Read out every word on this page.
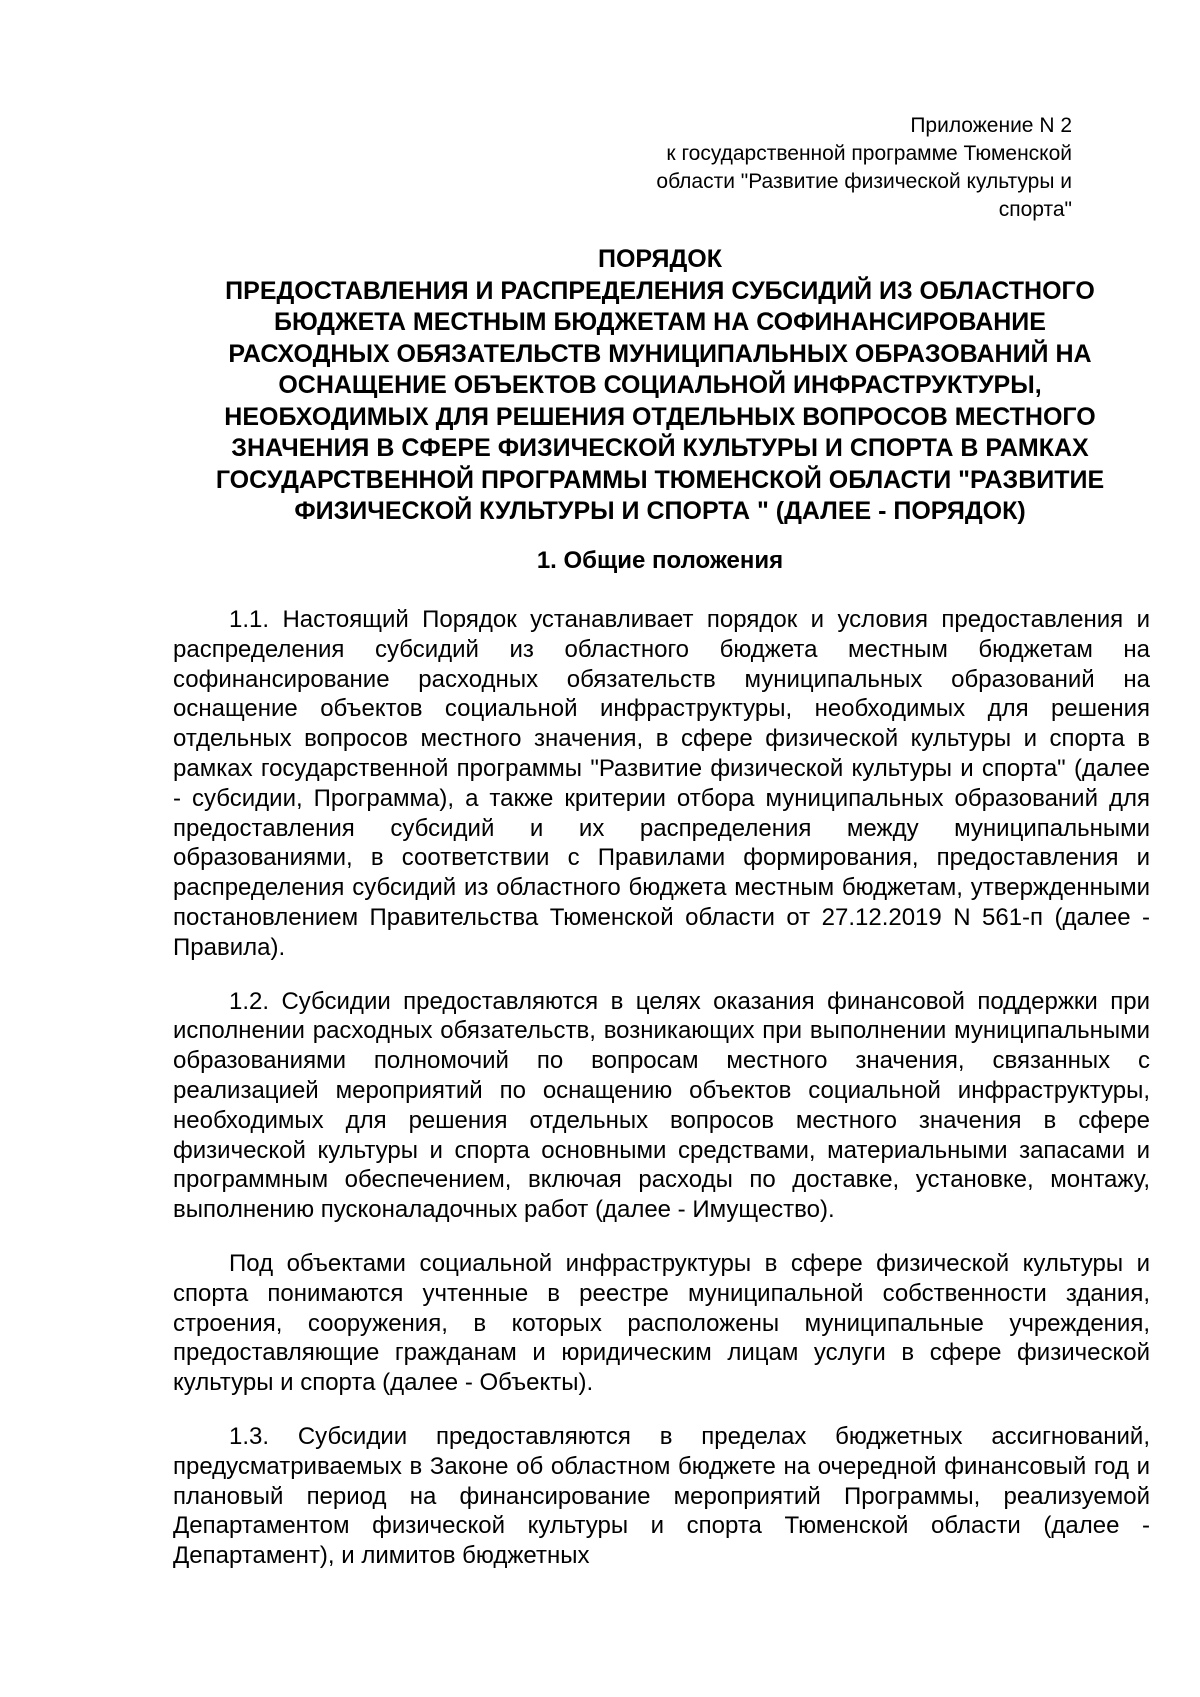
Приложение N 2
к государственной программе Тюменской
области "Развитие физической культуры и
спорта"
ПОРЯДОК
ПРЕДОСТАВЛЕНИЯ И РАСПРЕДЕЛЕНИЯ СУБСИДИЙ ИЗ ОБЛАСТНОГО
БЮДЖЕТА МЕСТНЫМ БЮДЖЕТАМ НА СОФИНАНСИРОВАНИЕ
РАСХОДНЫХ ОБЯЗАТЕЛЬСТВ МУНИЦИПАЛЬНЫХ ОБРАЗОВАНИЙ НА
ОСНАЩЕНИЕ ОБЪЕКТОВ СОЦИАЛЬНОЙ ИНФРАСТРУКТУРЫ,
НЕОБХОДИМЫХ ДЛЯ РЕШЕНИЯ ОТДЕЛЬНЫХ ВОПРОСОВ МЕСТНОГО
ЗНАЧЕНИЯ В СФЕРЕ ФИЗИЧЕСКОЙ КУЛЬТУРЫ И СПОРТА В РАМКАХ
ГОСУДАРСТВЕННОЙ ПРОГРАММЫ ТЮМЕНСКОЙ ОБЛАСТИ "РАЗВИТИЕ
ФИЗИЧЕСКОЙ КУЛЬТУРЫ И СПОРТА " (ДАЛЕЕ - ПОРЯДОК)
1. Общие положения

1.1. Настоящий Порядок устанавливает порядок и условия предоставления и распределения субсидий из областного бюджета местным бюджетам на софинансирование расходных обязательств муниципальных образований на оснащение объектов социальной инфраструктуры, необходимых для решения отдельных вопросов местного значения, в сфере физической культуры и спорта в рамках государственной программы "Развитие физической культуры и спорта" (далее - субсидии, Программа), а также критерии отбора муниципальных образований для предоставления субсидий и их распределения между муниципальными образованиями, в соответствии с Правилами формирования, предоставления и распределения субсидий из областного бюджета местным бюджетам, утвержденными постановлением Правительства Тюменской области от 27.12.2019 N 561-п (далее - Правила).

1.2. Субсидии предоставляются в целях оказания финансовой поддержки при исполнении расходных обязательств, возникающих при выполнении муниципальными образованиями полномочий по вопросам местного значения, связанных с реализацией мероприятий по оснащению объектов социальной инфраструктуры, необходимых для решения отдельных вопросов местного значения в сфере физической культуры и спорта основными средствами, материальными запасами и программным обеспечением, включая расходы по доставке, установке, монтажу, выполнению пусконаладочных работ (далее - Имущество).

Под объектами социальной инфраструктуры в сфере физической культуры и спорта понимаются учтенные в реестре муниципальной собственности здания, строения, сооружения, в которых расположены муниципальные учреждения, предоставляющие гражданам и юридическим лицам услуги в сфере физической культуры и спорта (далее - Объекты).

1.3. Субсидии предоставляются в пределах бюджетных ассигнований, предусматриваемых в Законе об областном бюджете на очередной финансовый год и плановый период на финансирование мероприятий Программы, реализуемой Департаментом физической культуры и спорта Тюменской области (далее - Департамент), и лимитов бюджетных
